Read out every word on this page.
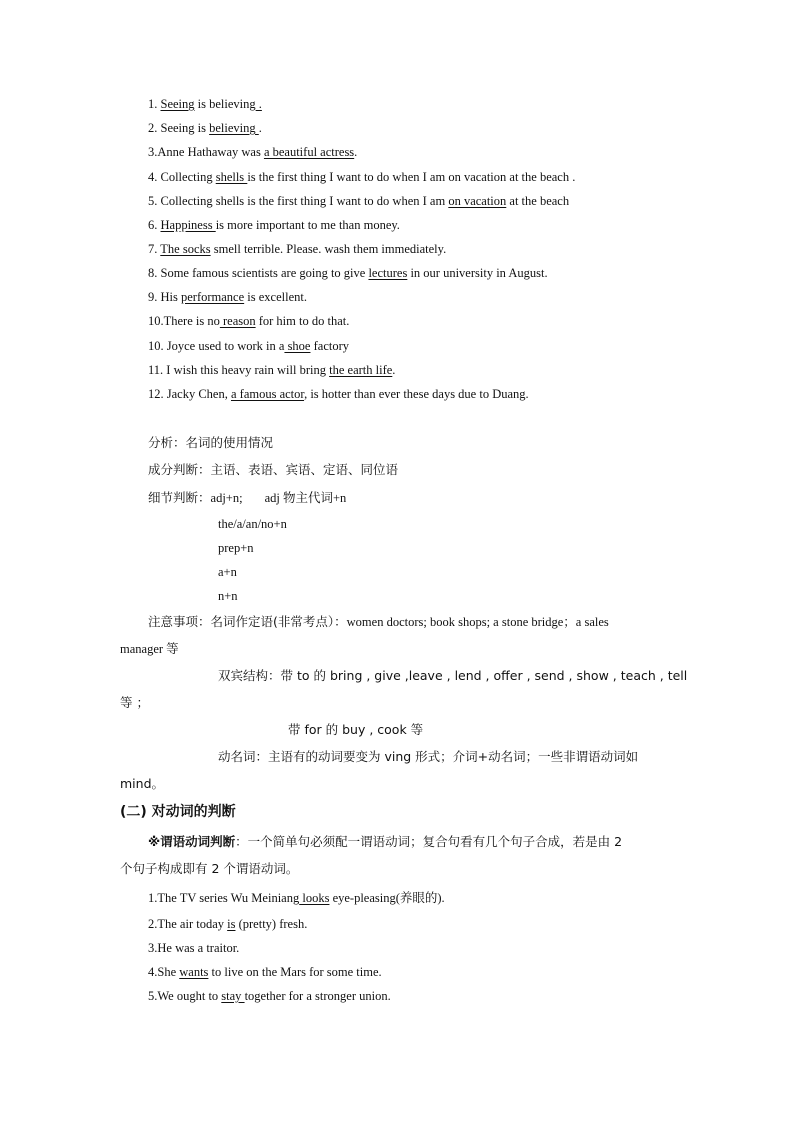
1. Seeing is believing .
2. Seeing is believing .
3.Anne Hathaway was a beautiful actress.
4. Collecting shells is the first thing I want to do when I am on vacation at the beach .
5. Collecting shells is the first thing I want to do when I am on vacation at the beach
6. Happiness is more important to me than money.
7. The socks smell terrible. Please. wash them immediately.
8. Some famous scientists are going to give lectures in our university in August.
9. His performance is excellent.
10.There is no reason for him to do that.
10. Joyce used to work in a shoe factory
11. I wish this heavy rain will bring the earth life.
12. Jacky Chen, a famous actor, is hotter than ever these days due to Duang.
分析：名词的使用情况
成分判断：主语、表语、宾语、定语、同位语
细节判断：adj+n; adj 物主代词+n
the/a/an/no+n
prep+n
a+n
n+n
注意事项：名词作定语(非常考点）：women doctors; book shops; a stone bridge；a sales
manager 等
双宾结构：带 to 的 bring , give ,leave , lend , offer , send , show , teach , tell
等 ；
带 for 的 buy , cook 等
动名词：主语有的动词要变为 ving 形式；介词+动名词；一些非谓语动词如
mind。
(二) 对动词的判断
※谓语动词判断：一个简单句必须配一谓语动词；复合句看有几个句子合成，若是由 2
个句子构成即有 2 个谓语动词。
1.The TV series Wu Meiniang looks eye-pleasing(养眼的).
2.The air today is (pretty) fresh.
3.He was a traitor.
4.She wants to live on the Mars for some time.
5.We ought to stay together for a stronger union.
